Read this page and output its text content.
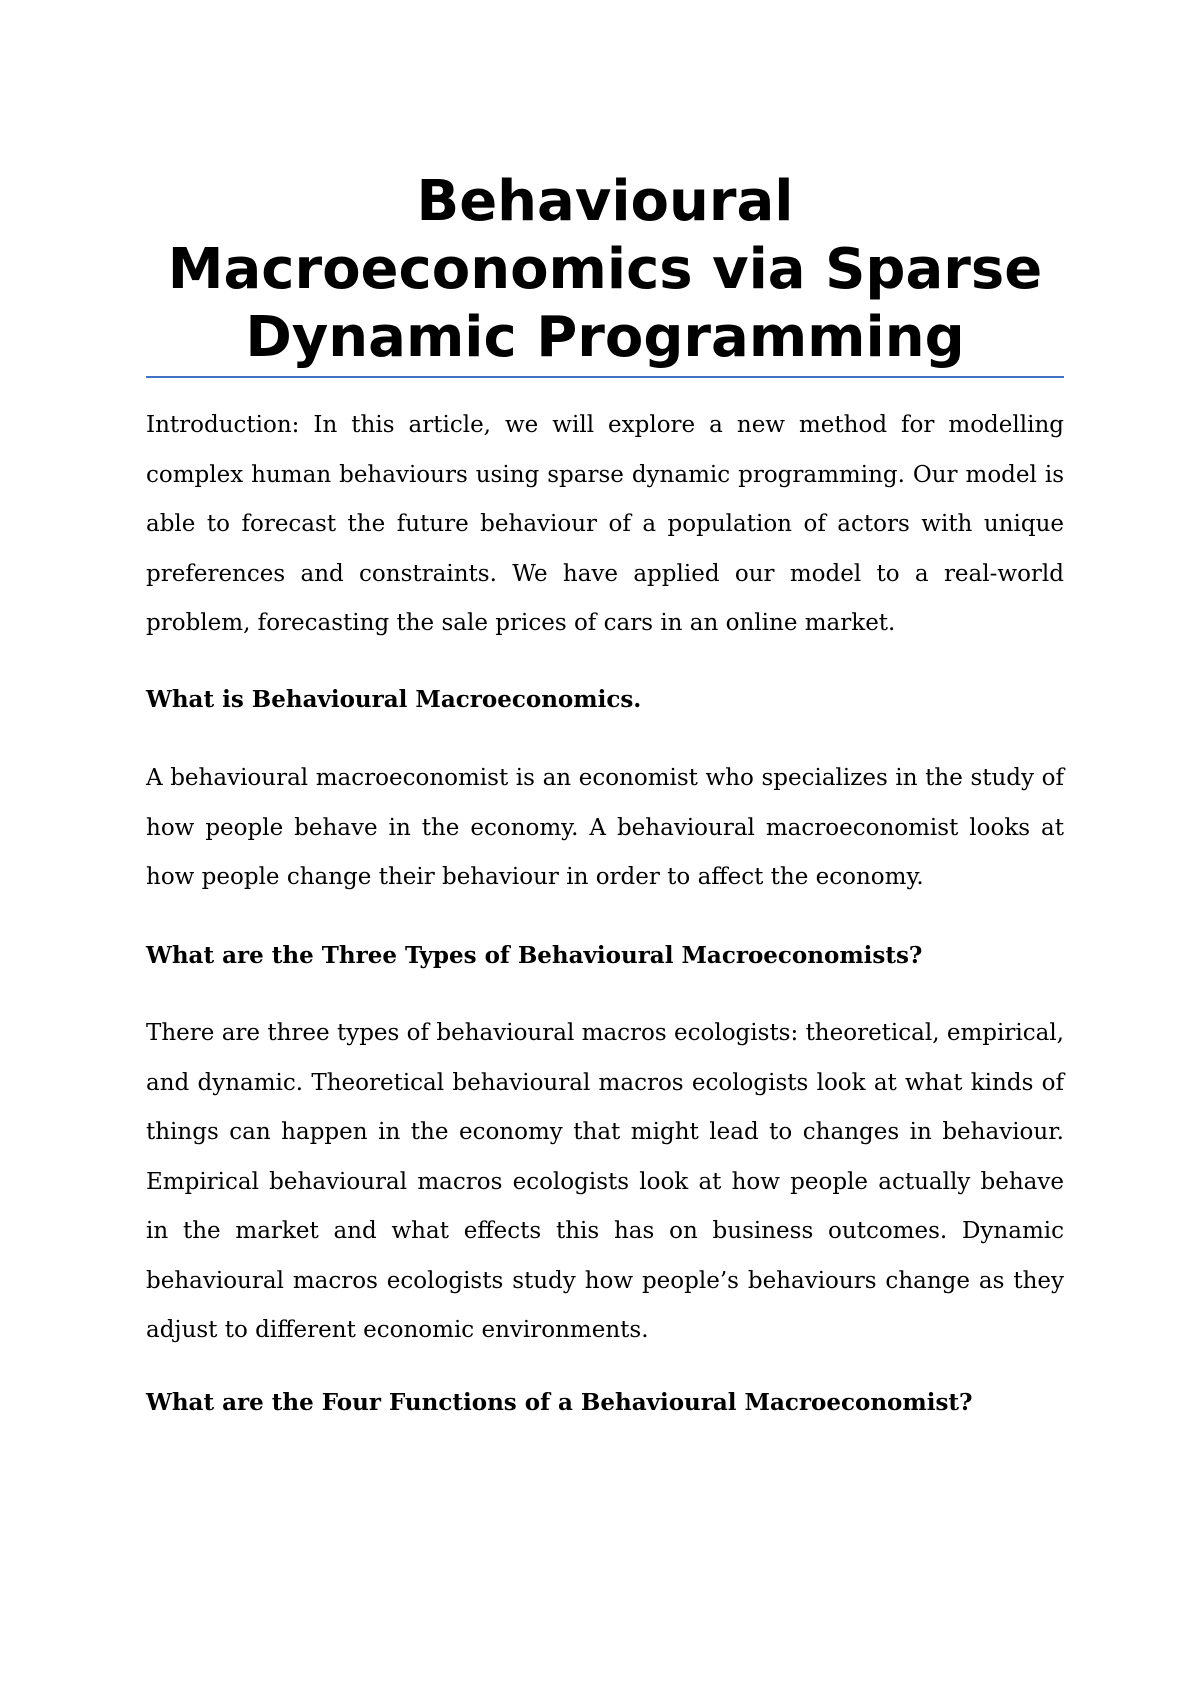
Behavioural Macroeconomics via Sparse Dynamic Programming

Introduction: In this article, we will explore a new method for modelling complex human behaviours using sparse dynamic programming. Our model is able to forecast the future behaviour of a population of actors with unique preferences and constraints. We have applied our model to a real-world problem, forecasting the sale prices of cars in an online market.

What is Behavioural Macroeconomics.

A behavioural macroeconomist is an economist who specializes in the study of how people behave in the economy. A behavioural macroeconomist looks at how people change their behaviour in order to affect the economy.

What are the Three Types of Behavioural Macroeconomists?

There are three types of behavioural macros ecologists: theoretical, empirical, and dynamic. Theoretical behavioural macros ecologists look at what kinds of things can happen in the economy that might lead to changes in behaviour. Empirical behavioural macros ecologists look at how people actually behave in the market and what effects this has on business outcomes. Dynamic behavioural macros ecologists study how people’s behaviours change as they adjust to different economic environments.

What are the Four Functions of a Behavioural Macroeconomist?
